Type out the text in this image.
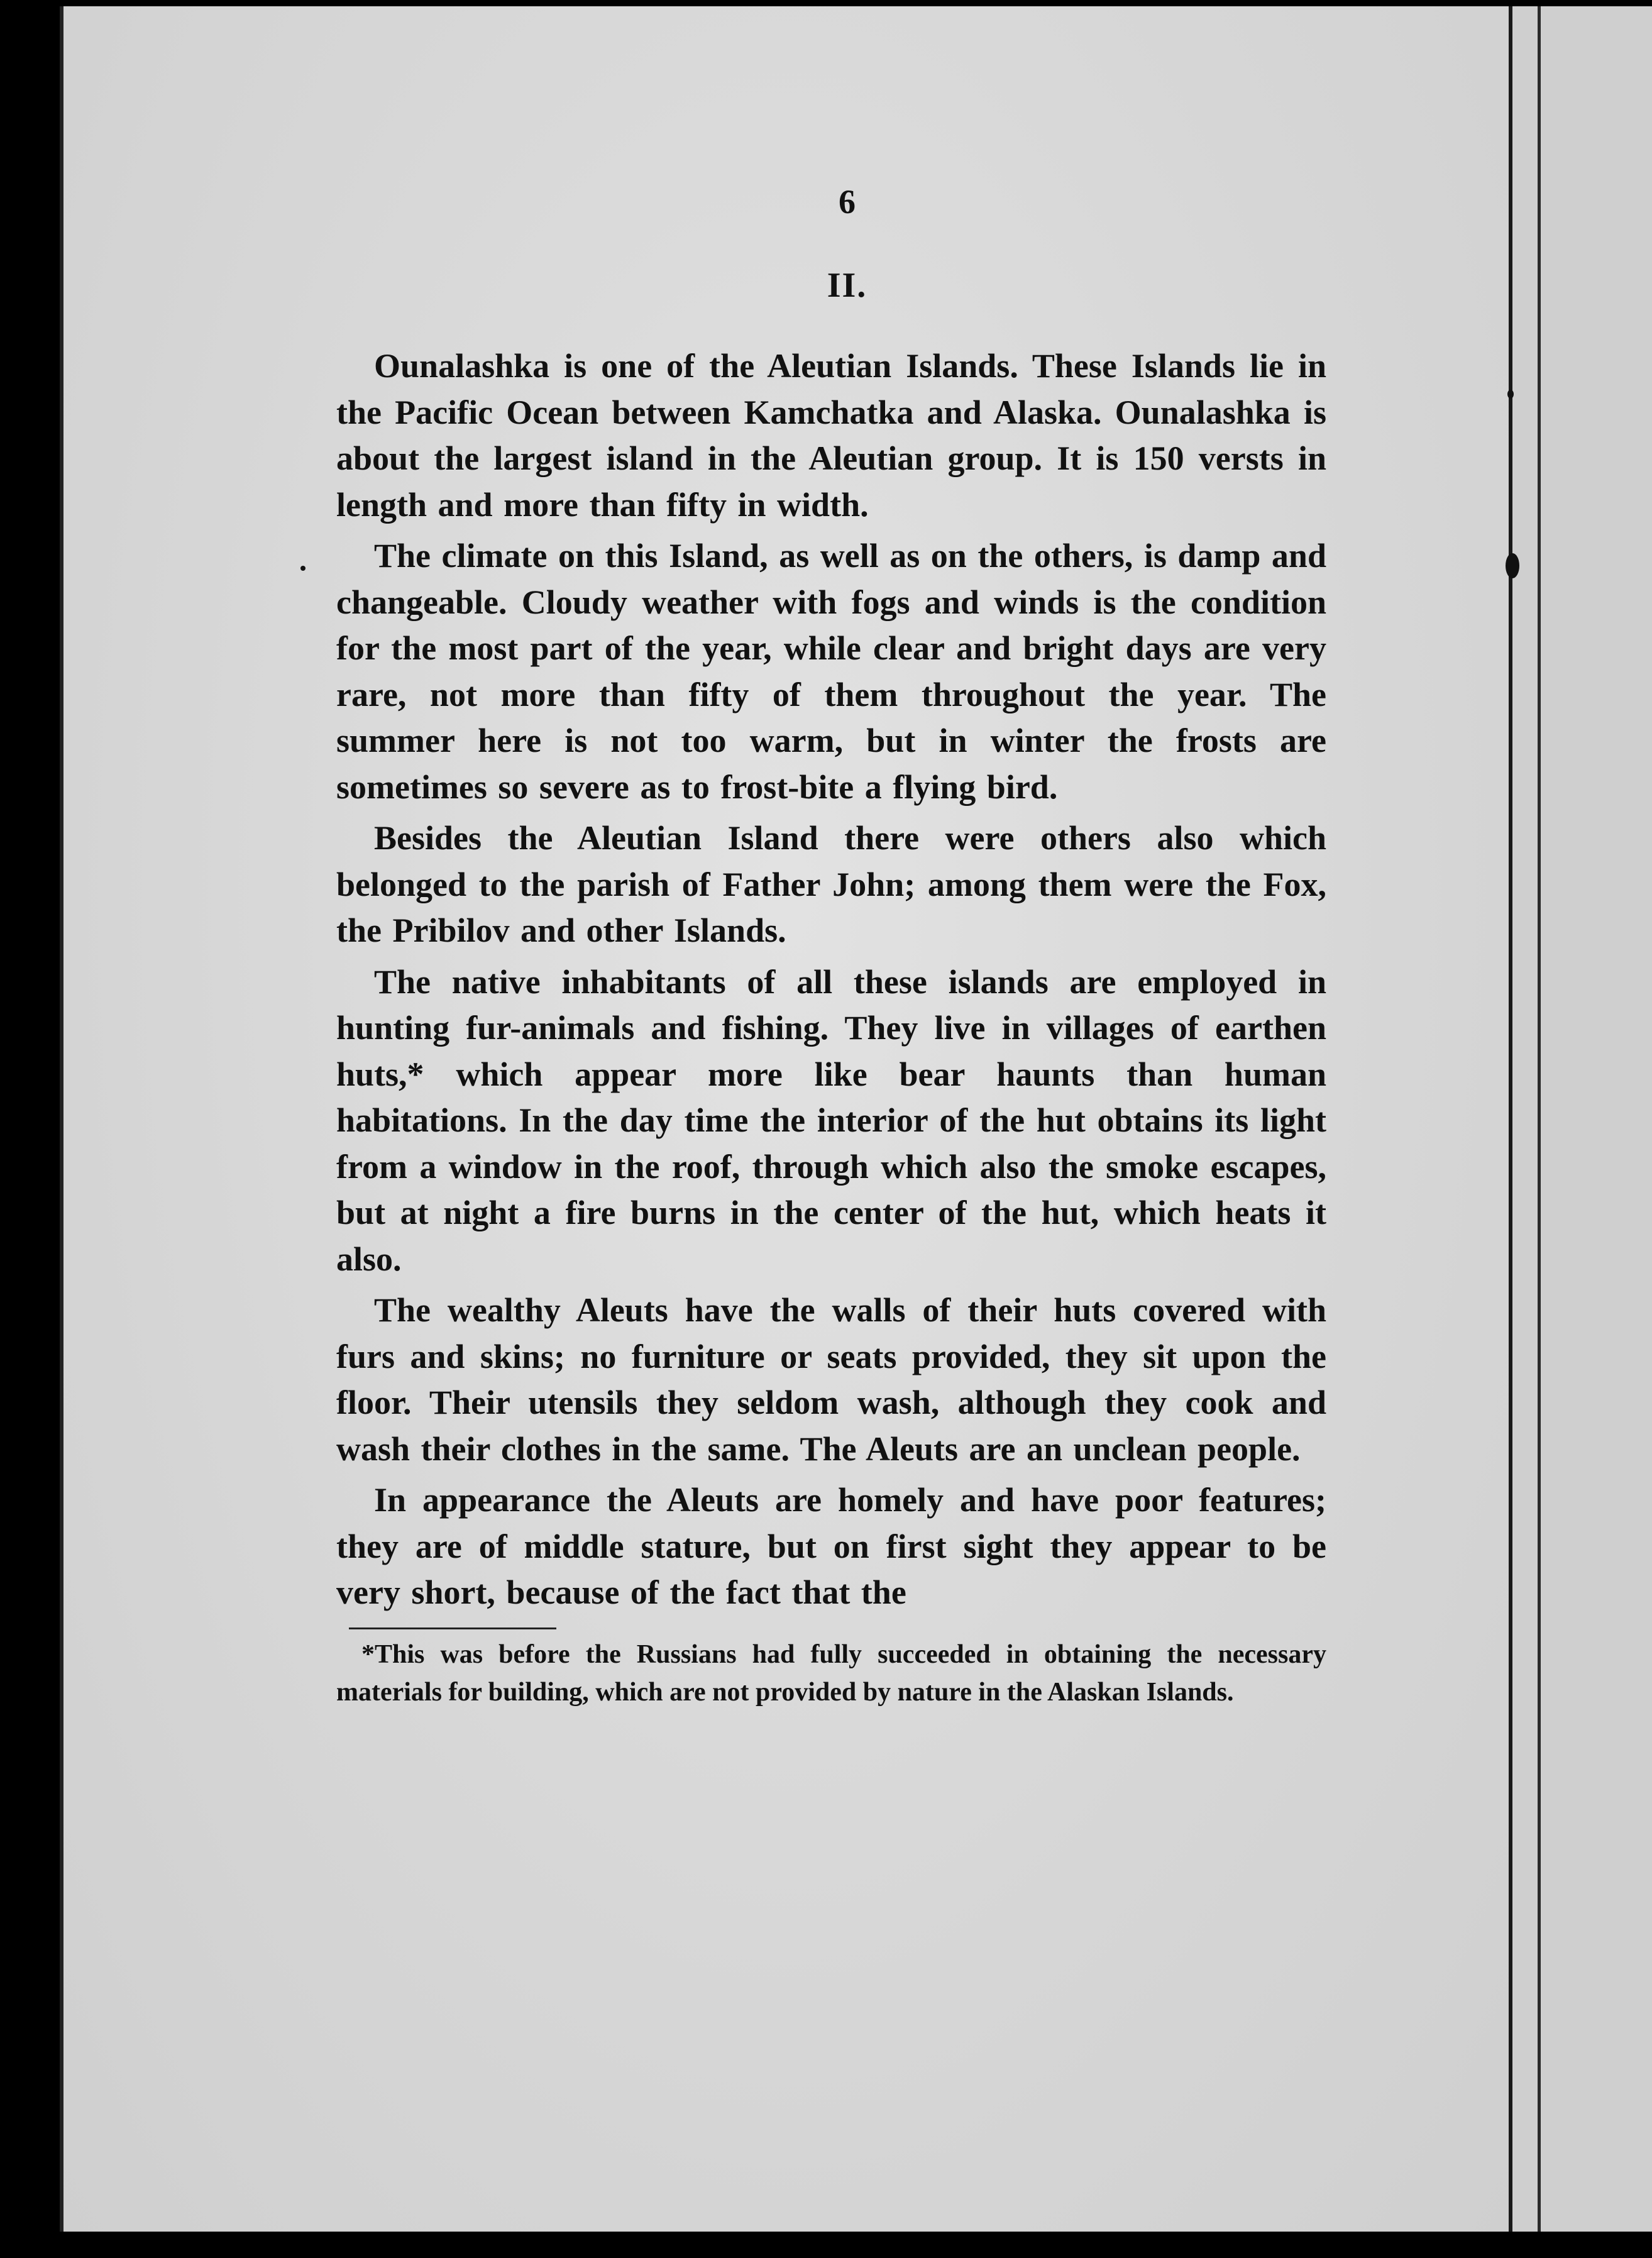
6
II.

Ounalashka is one of the Aleutian Islands. These Islands lie in the Pacific Ocean between Kamchatka and Alaska. Ounalashka is about the largest island in the Aleutian group. It is 150 versts in length and more than fifty in width.

The climate on this Island, as well as on the others, is damp and changeable. Cloudy weather with fogs and winds is the condition for the most part of the year, while clear and bright days are very rare, not more than fifty of them throughout the year. The summer here is not too warm, but in winter the frosts are sometimes so severe as to frost-bite a flying bird.

Besides the Aleutian Island there were others also which belonged to the parish of Father John; among them were the Fox, the Pribilov and other Islands.

The native inhabitants of all these islands are employed in hunting fur-animals and fishing. They live in villages of earthen huts,* which appear more like bear haunts than human habitations. In the day time the interior of the hut obtains its light from a window in the roof, through which also the smoke escapes, but at night a fire burns in the center of the hut, which heats it also.

The wealthy Aleuts have the walls of their huts covered with furs and skins; no furniture or seats provided, they sit upon the floor. Their utensils they seldom wash, although they cook and wash their clothes in the same. The Aleuts are an unclean people.

In appearance the Aleuts are homely and have poor features; they are of middle stature, but on first sight they appear to be very short, because of the fact that the

*This was before the Russians had fully succeeded in obtaining the necessary materials for building, which are not provided by nature in the Alaskan Islands.
